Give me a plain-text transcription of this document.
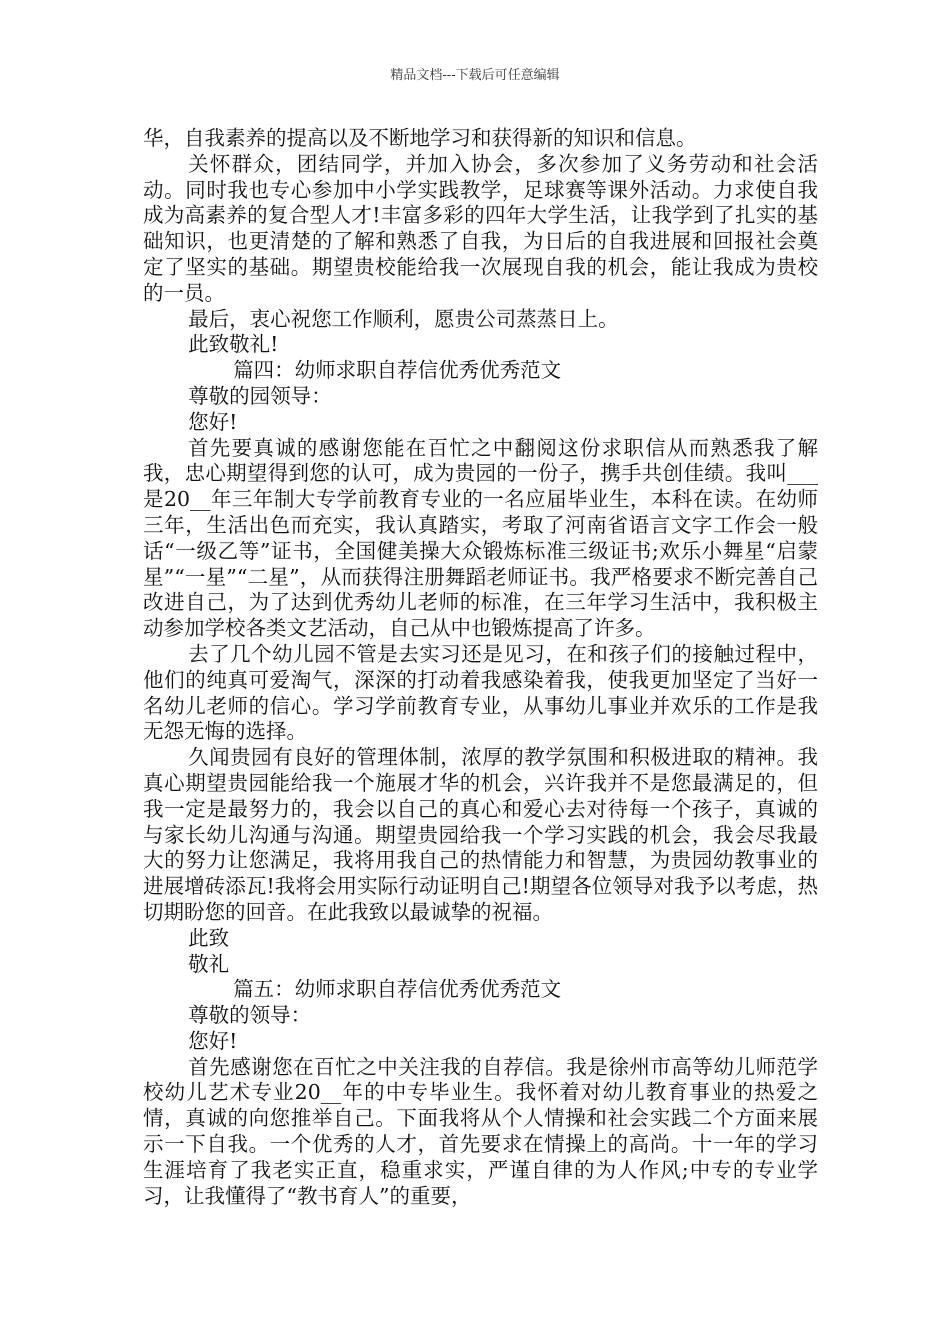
精品文档---下载后可任意编辑

华，自我素养的提高以及不断地学习和获得新的知识和信息。

关怀群众，团结同学，并加入协会，多次参加了义务劳动和社会活动。同时我也专心参加中小学实践教学，足球赛等课外活动。力求使自我成为高素养的复合型人才!丰富多彩的四年大学生活，让我学到了扎实的基础知识，也更清楚的了解和熟悉了自我，为日后的自我进展和回报社会奠定了坚实的基础。期望贵校能给我一次展现自我的机会，能让我成为贵校的一员。

最后，衷心祝您工作顺利，愿贵公司蒸蒸日上。

此致敬礼!

篇四：幼师求职自荐信优秀优秀范文

尊敬的园领导：

您好!

首先要真诚的感谢您能在百忙之中翻阅这份求职信从而熟悉我了解我，忠心期望得到您的认可，成为贵园的一份子，携手共创佳绩。我叫___是20__年三年制大专学前教育专业的一名应届毕业生，本科在读。在幼师三年，生活出色而充实，我认真踏实，考取了河南省语言文字工作会一般话“一级乙等”证书，全国健美操大众锻炼标准三级证书;欢乐小舞星“启蒙星”“一星”“二星”，从而获得注册舞蹈老师证书。我严格要求不断完善自己改进自己，为了达到优秀幼儿老师的标准，在三年学习生活中，我积极主动参加学校各类文艺活动，自己从中也锻炼提高了许多。

去了几个幼儿园不管是去实习还是见习，在和孩子们的接触过程中，他们的纯真可爱淘气，深深的打动着我感染着我，使我更加坚定了当好一名幼儿老师的信心。学习学前教育专业，从事幼儿事业并欢乐的工作是我无怨无悔的选择。

久闻贵园有良好的管理体制，浓厚的教学氛围和积极进取的精神。我真心期望贵园能给我一个施展才华的机会，兴许我并不是您最满足的，但我一定是最努力的，我会以自己的真心和爱心去对待每一个孩子，真诚的与家长幼儿沟通与沟通。期望贵园给我一个学习实践的机会，我会尽我最大的努力让您满足，我将用我自己的热情能力和智慧，为贵园幼教事业的进展增砖添瓦!我将会用实际行动证明自己!期望各位领导对我予以考虑，热切期盼您的回音。在此我致以最诚挚的祝福。

此致

敬礼

篇五：幼师求职自荐信优秀优秀范文

尊敬的领导：

您好!

首先感谢您在百忙之中关注我的自荐信。我是徐州市高等幼儿师范学校幼儿艺术专业20__年的中专毕业生。我怀着对幼儿教育事业的热爱之情，真诚的向您推举自己。下面我将从个人情操和社会实践二个方面来展示一下自我。一个优秀的人才，首先要求在情操上的高尚。十一年的学习生涯培育了我老实正直，稳重求实，严谨自律的为人作风;中专的专业学习，让我懂得了“教书育人”的重要，
